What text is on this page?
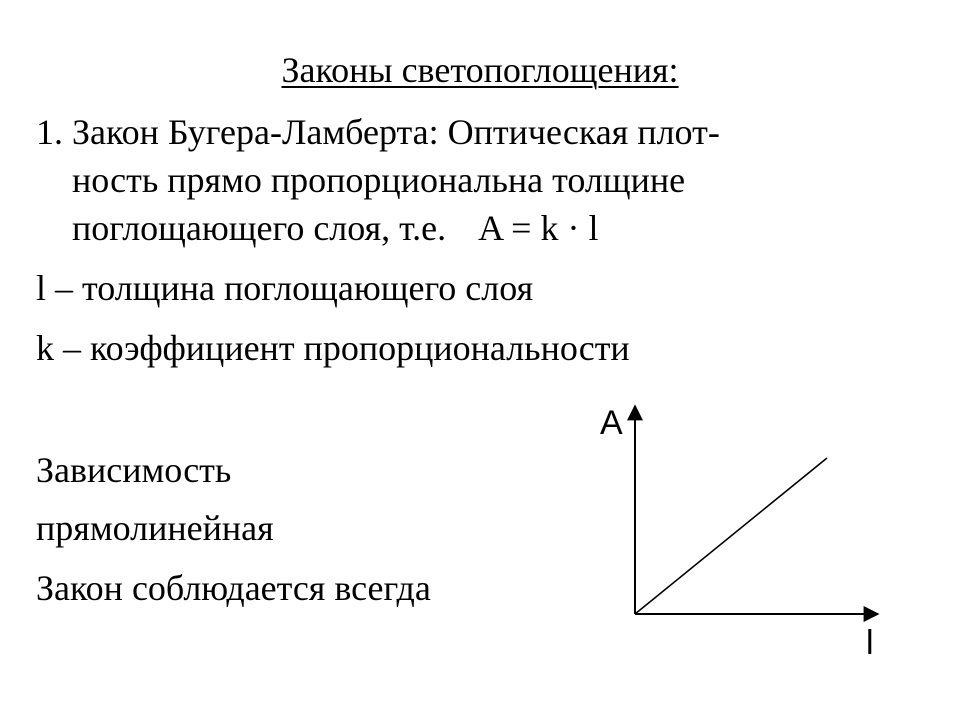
Законы светопоглощения:
1. Закон Бугера-Ламберта: Оптическая плот-
ность прямо пропорциональна толщине
поглощающего слоя, т.е. A = k · l
l – толщина поглощающего слоя
k – коэффициент пропорциональности
Зависимость
прямолинейная
Закон соблюдается всегда
A
l
